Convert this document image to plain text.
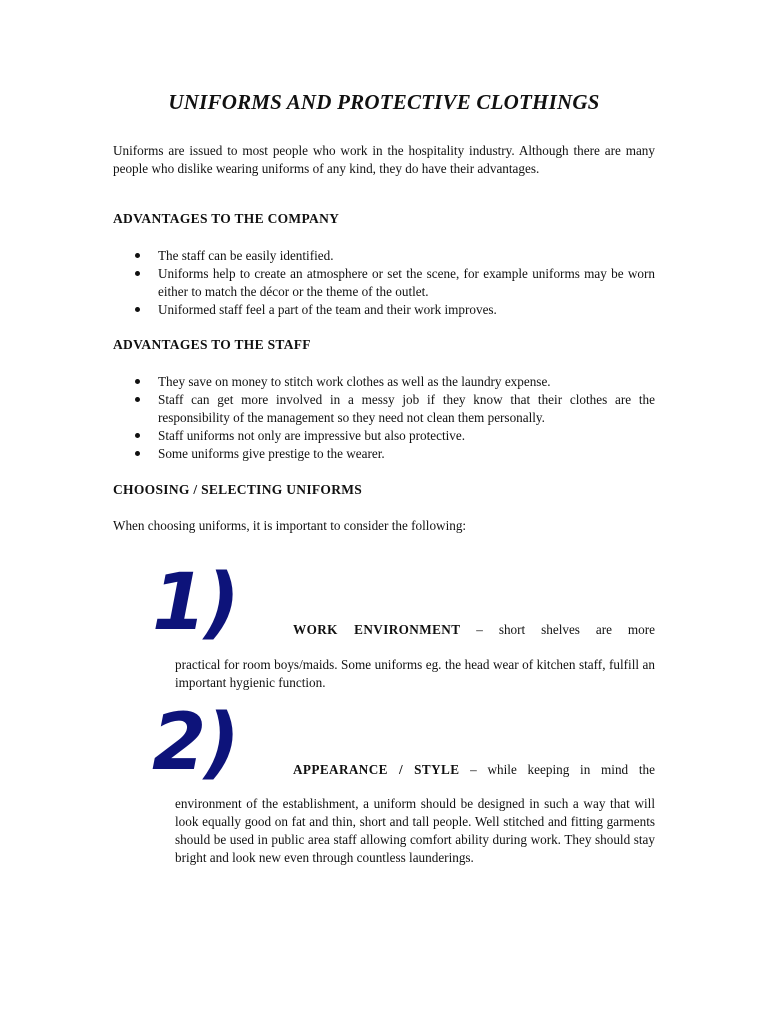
UNIFORMS AND PROTECTIVE CLOTHINGS
Uniforms are issued to most people who work in the hospitality industry. Although there are many people who dislike wearing uniforms of any kind, they do have their advantages.
ADVANTAGES TO THE COMPANY
The staff can be easily identified.
Uniforms help to create an atmosphere or set the scene, for example uniforms may be worn either to match the décor or the theme of the outlet.
Uniformed staff feel a part of the team and their work improves.
ADVANTAGES TO THE STAFF
They save on money to stitch work clothes as well as the laundry expense.
Staff can get more involved in a messy job if they know that their clothes are the responsibility of the management so they need not clean them personally.
Staff uniforms not only are impressive but also protective.
Some uniforms give prestige to the wearer.
CHOOSING / SELECTING UNIFORMS
When choosing uniforms, it is important to consider the following:
1)	WORK ENVIRONMENT – short shelves are more
practical for room boys/maids. Some uniforms eg. the head wear of kitchen staff, fulfill an important hygienic function.
2)	APPEARANCE / STYLE – while keeping in mind the
environment of the establishment, a uniform should be designed in such a way that will look equally good on fat and thin, short and tall people. Well stitched and fitting garments should be used in public area staff allowing comfort ability during work. They should stay bright and look new even through countless launderings.
